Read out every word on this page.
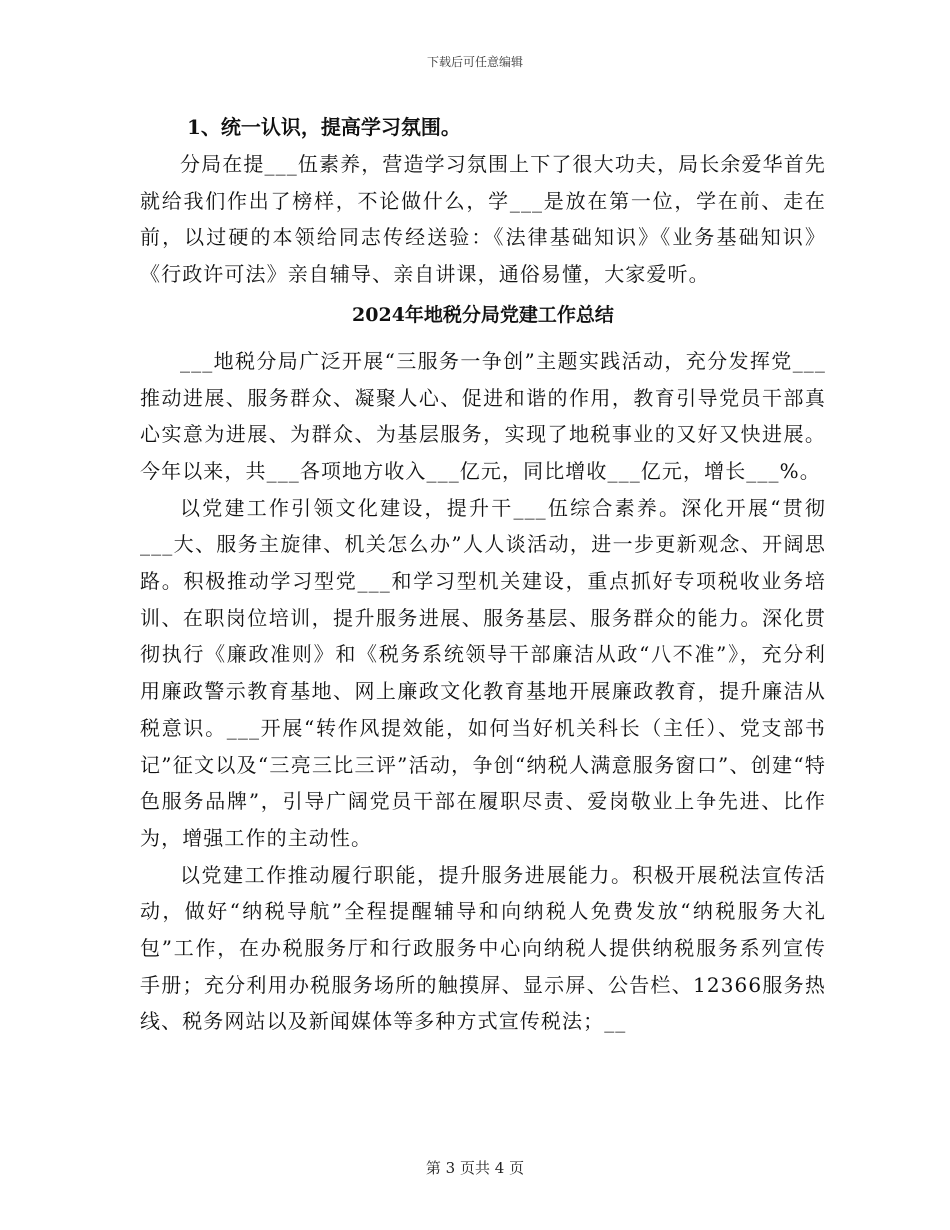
下载后可任意编辑
1、统一认识，提高学习氛围。

分局在提___伍素养，营造学习氛围上下了很大功夫，局长余爱华首先就给我们作出了榜样，不论做什么，学___是放在第一位，学在前、走在前，以过硬的本领给同志传经送验：《法律基础知识》《业务基础知识》《行政许可法》亲自辅导、亲自讲课，通俗易懂，大家爱听。

2024年地税分局党建工作总结

___地税分局广泛开展“三服务一争创”主题实践活动，充分发挥党___推动进展、服务群众、凝聚人心、促进和谐的作用，教育引导党员干部真心实意为进展、为群众、为基层服务，实现了地税事业的又好又快进展。今年以来，共___各项地方收入___亿元，同比增收___亿元，增长___%。

以党建工作引领文化建设，提升干___伍综合素养。深化开展“贯彻___大、服务主旋律、机关怎么办”人人谈活动，进一步更新观念、开阔思路。积极推动学习型党___和学习型机关建设，重点抓好专项税收业务培训、在职岗位培训，提升服务进展、服务基层、服务群众的能力。深化贯彻执行《廉政准则》和《税务系统领导干部廉洁从政“八不准”》，充分利用廉政警示教育基地、网上廉政文化教育基地开展廉政教育，提升廉洁从税意识。___开展“转作风提效能，如何当好机关科长（主任）、党支部书记”征文以及“三亮三比三评”活动，争创“纳税人满意服务窗口”、创建“特色服务品牌”，引导广阔党员干部在履职尽责、爱岗敬业上争先进、比作为，增强工作的主动性。

以党建工作推动履行职能，提升服务进展能力。积极开展税法宣传活动，做好“纳税导航”全程提醒辅导和向纳税人免费发放“纳税服务大礼包”工作，在办税服务厅和行政服务中心向纳税人提供纳税服务系列宣传手册；充分利用办税服务场所的触摸屏、显示屏、公告栏、12366服务热线、税务网站以及新闻媒体等多种方式宣传税法；__

第 3 页共 4 页
